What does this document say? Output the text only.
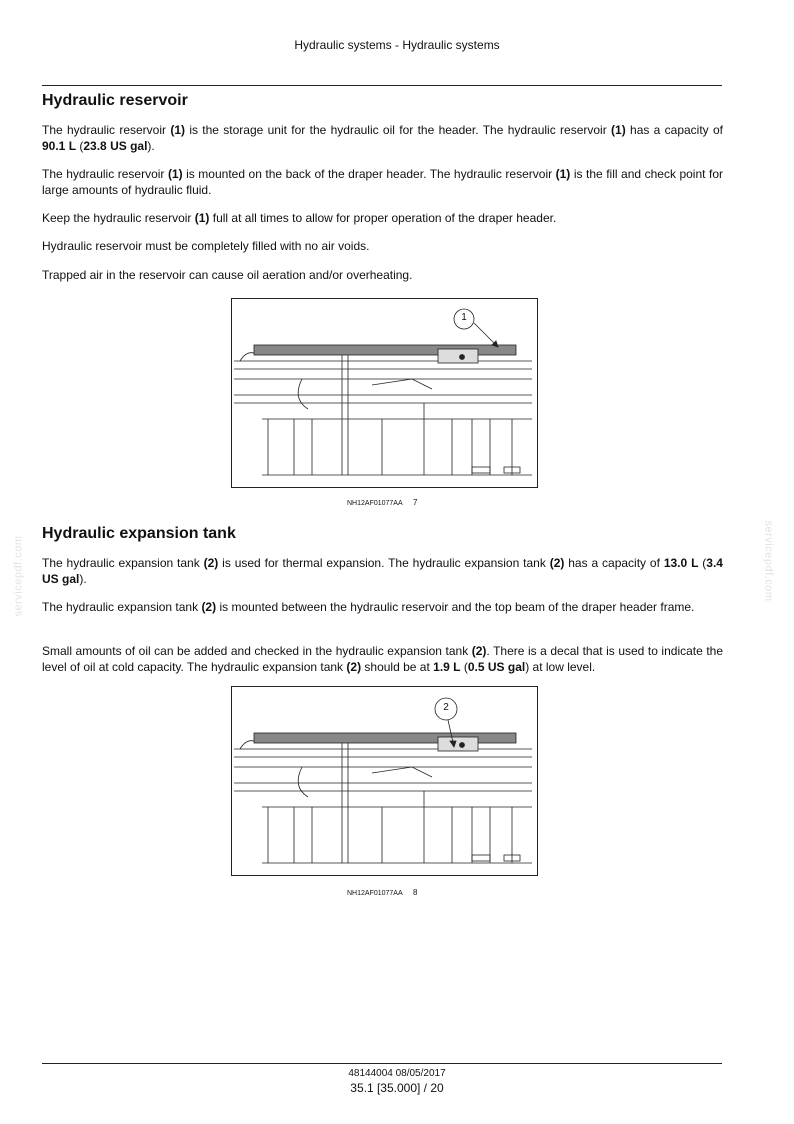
Hydraulic systems - Hydraulic systems
Hydraulic reservoir

The hydraulic reservoir (1) is the storage unit for the hydraulic oil for the header. The hydraulic reservoir (1) has a capacity of 90.1 L (23.8 US gal).

The hydraulic reservoir (1) is mounted on the back of the draper header. The hydraulic reservoir (1) is the fill and check point for large amounts of hydraulic fluid.

Keep the hydraulic reservoir (1) full at all times to allow for proper operation of the draper header.

Hydraulic reservoir must be completely filled with no air voids.

Trapped air in the reservoir can cause oil aeration and/or overheating.

1
NH12AF01077AA 7
Hydraulic expansion tank

The hydraulic expansion tank (2) is used for thermal expansion. The hydraulic expansion tank (2) has a capacity of 13.0 L (3.4 US gal).

The hydraulic expansion tank (2) is mounted between the hydraulic reservoir and the top beam of the draper header frame.

Small amounts of oil can be added and checked in the hydraulic expansion tank (2). There is a decal that is used to indicate the level of oil at cold capacity. The hydraulic expansion tank (2) should be at 1.9 L (0.5 US gal) at low level.

2
NH12AF01077AA 8
servicepdf.com	servicepdf.com
48144004 08/05/2017
35.1 [35.000] / 20
